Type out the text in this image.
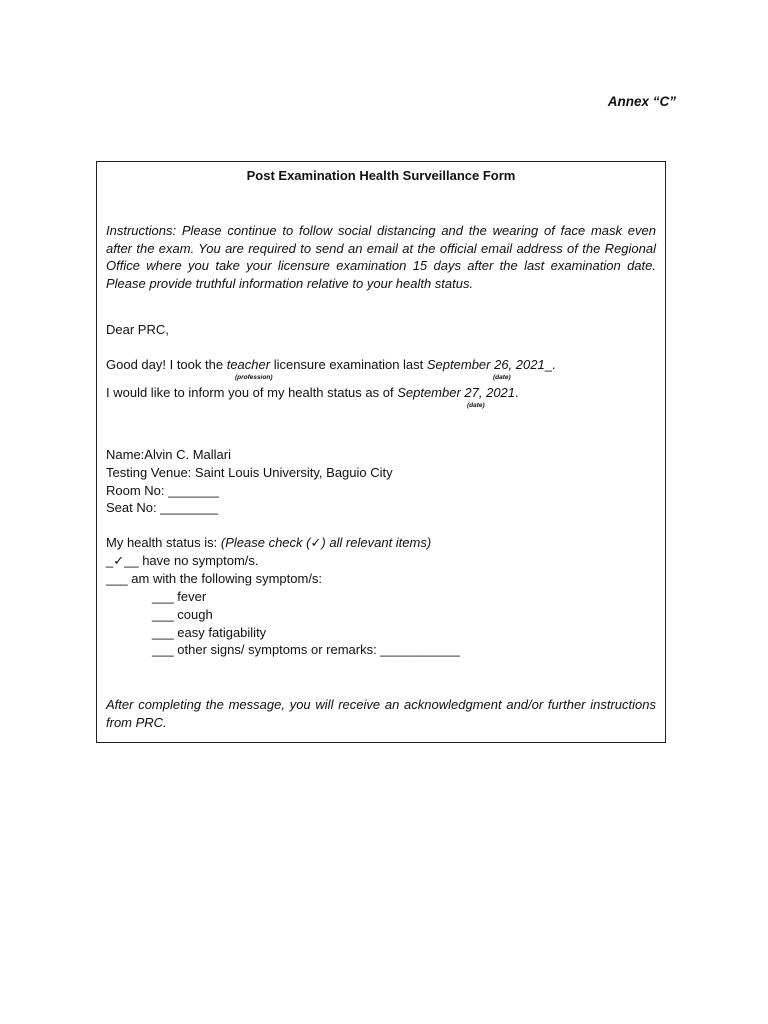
Annex “C”
Post Examination Health Surveillance Form
Instructions: Please continue to follow social distancing and the wearing of face mask even after the exam. You are required to send an email at the official email address of the Regional Office where you take your licensure examination 15 days after the last examination date. Please provide truthful information relative to your health status.
Dear PRC,
Good day! I took the teacher licensure examination last September 26, 2021_.
(profession)	(date)
I would like to inform you of my health status as of September 27, 2021.
(date)
Name:Alvin C. Mallari
Testing Venue: Saint Louis University, Baguio City
Room No: _______
Seat No: ________
My health status is: (Please check (✓) all relevant items)
_✓__ have no symptom/s.
___ am with the following symptom/s:
___ fever
___ cough
___ easy fatigability
___ other signs/ symptoms or remarks: ___________
After completing the message, you will receive an acknowledgment and/or further instructions from PRC.
